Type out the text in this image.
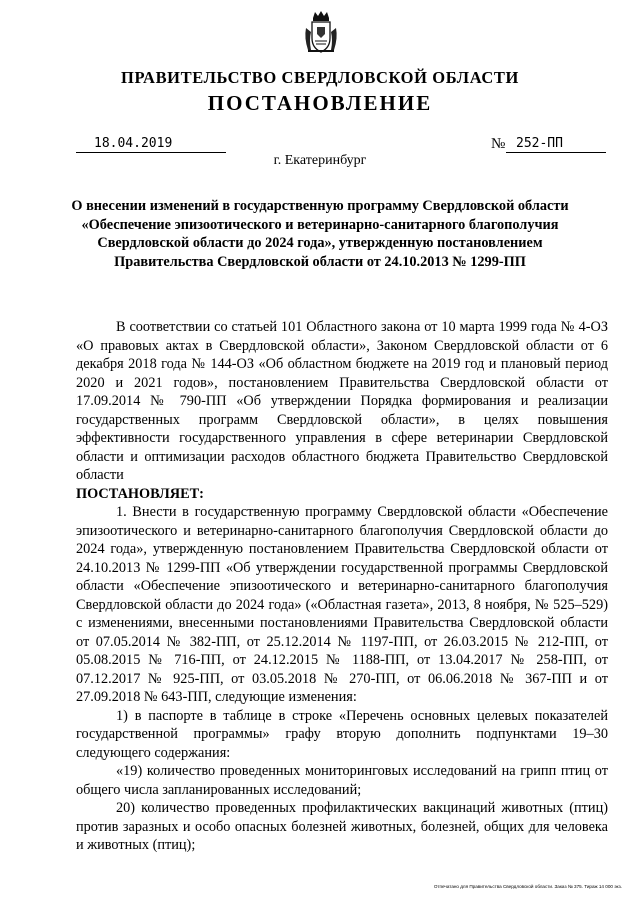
ПРАВИТЕЛЬСТВО СВЕРДЛОВСКОЙ ОБЛАСТИ
ПОСТАНОВЛЕНИЕ
18.04.2019	№ 252-ПП
г. Екатеринбург

О внесении изменений в государственную программу Свердловской области «Обеспечение эпизоотического и ветеринарно-санитарного благополучия Свердловской области до 2024 года», утвержденную постановлением Правительства Свердловской области от 24.10.2013 № 1299-ПП

В соответствии со статьей 101 Областного закона от 10 марта 1999 года № 4-ОЗ «О правовых актах в Свердловской области», Законом Свердловской области от 6 декабря 2018 года № 144-ОЗ «Об областном бюджете на 2019 год и плановый период 2020 и 2021 годов», постановлением Правительства Свердловской области от 17.09.2014 № 790-ПП «Об утверждении Порядка формирования и реализации государственных программ Свердловской области», в целях повышения эффективности государственного управления в сфере ветеринарии Свердловской области и оптимизации расходов областного бюджета Правительство Свердловской области

ПОСТАНОВЛЯЕТ:

1. Внести в государственную программу Свердловской области «Обеспечение эпизоотического и ветеринарно-санитарного благополучия Свердловской области до 2024 года», утвержденную постановлением Правительства Свердловской области от 24.10.2013 № 1299-ПП «Об утверждении государственной программы Свердловской области «Обеспечение эпизоотического и ветеринарно-санитарного благополучия Свердловской области до 2024 года» («Областная газета», 2013, 8 ноября, № 525–529) с изменениями, внесенными постановлениями Правительства Свердловской области от 07.05.2014 № 382-ПП, от 25.12.2014 № 1197-ПП, от 26.03.2015 № 212-ПП, от 05.08.2015 № 716-ПП, от 24.12.2015 № 1188-ПП, от 13.04.2017 № 258-ПП, от 07.12.2017 № 925-ПП, от 03.05.2018 № 270-ПП, от 06.06.2018 № 367-ПП и от 27.09.2018 № 643-ПП, следующие изменения:

1) в паспорте в таблице в строке «Перечень основных целевых показателей государственной программы» графу вторую дополнить подпунктами 19–30 следующего содержания:

«19) количество проведенных мониторинговых исследований на грипп птиц от общего числа запланированных исследований;

20) количество проведенных профилактических вакцинаций животных (птиц) против заразных и особо опасных болезней животных, болезней, общих для человека и животных (птиц);

Отпечатано для Правительства Свердловской области. Заказ № 375. Тираж 14 000 экз.
